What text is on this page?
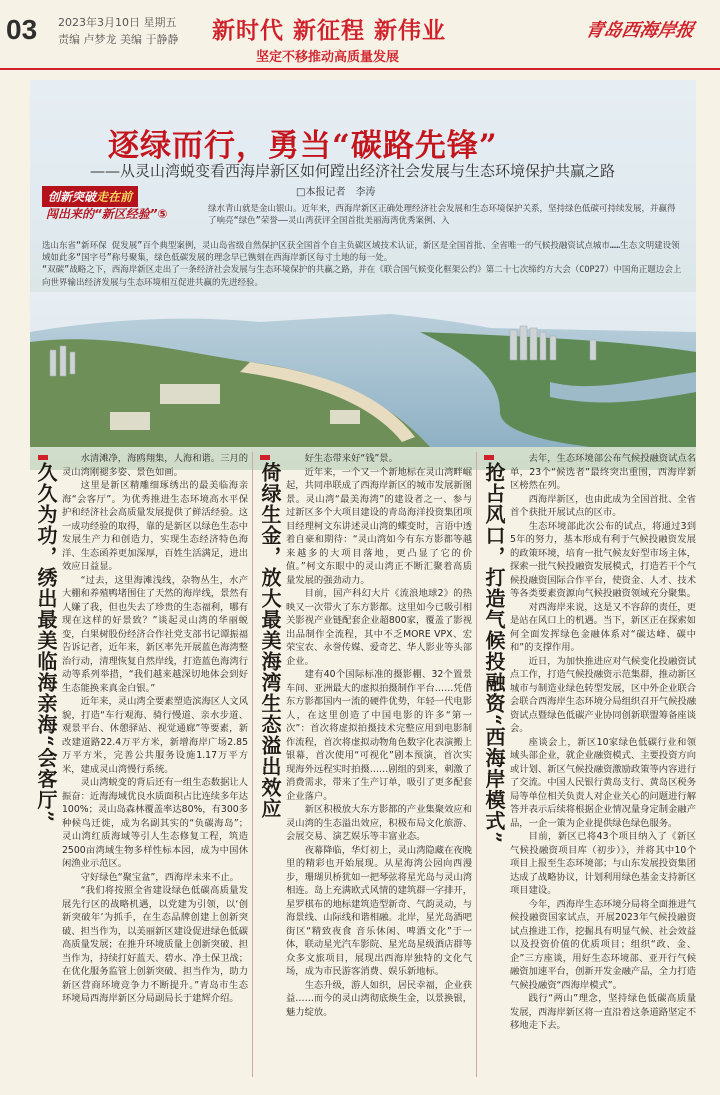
03 2023年3月10日 星期五
责编 卢梦龙 美编 于静静 新时代 新征程 新伟业
坚定不移推动高质量发展
青岛西海岸报
逐绿而行，勇当“碳路先锋”
——从灵山湾蜕变看西海岸新区如何蹚出经济社会发展与生态环境保护共赢之路
□本报记者　李涛
创新突破走在前
闯出来的“新区经验”⑤	绿水青山就是金山银山。近年来，西海岸新区正确处理经济社会发展和生态环境保护关系，坚持绿色低碳可持续发展，并赢得了响亮“绿色”荣誉——灵山湾获评全国首批美丽海湾优秀案例、入
选山东省“新环保 促发展”百个典型案例，灵山岛省级自然保护区获全国首个自主负碳区域技术认证，新区是全国首批、全省唯一的气候投融资试点城市……生态文明建设领域如此多“国字号”称号聚集，绿色低碳发展的理念早已镌刻在西海岸新区每寸土地的每一处。
“双碳”战略之下，西海岸新区走出了一条经济社会发展与生态环境保护的共赢之路，并在《联合国气候变化框架公约》第二十七次缔约方大会（COP27）中国角正题边会上向世界输出经济发展与生态环境相互促进共赢的先进经验。
久久为功，绣出最美临海亲海“会客厅”

水清滩净，海鸥翔集，人海和谐。三月的灵山湾刚褪多姿、景色如画。

这里是新区精雕细琢绣出的最美临海亲海“会客厅”。为优秀推进生态环境高水平保护和经济社会高质量发展提供了鲜活经验。这一成功经验的取得，靠的是新区以绿色生态中发展生产力和创造力，实现生态经济特色海洋、生态函养更加深厚，百姓生活满足，进出效应日益显。

“过去，这里海滩浅线，杂物丛生，水产大棚和养殖鸭堵围住了天然的海岸线，景然有人嫌了我，但也失去了珍贵的生态福利，哪有现在这样的好景致？”谈起灵山湾的华丽蜕变，白果树股份经济合作社党支部书记谭振福告诉记者，近年来，新区率先开展蓝色海湾整治行动，清理恢复自然岸线，打造蓝色海湾行动等系列举措，“我们越来越深切地体会到好生态能换来真金白银。”

近年来，灵山湾全要素塑造滨海区人文风貌，打造“车行观海、骑行慢道、亲水步道、观景平台、休憩驿站、视觉通廊”等要素，新改建道路22.4万平方米，新增海岸广场2.85万平方米，完善公共服务设施1.17万平方米，建成灵山湾慢行系统。

灵山湾蜕变的背后还有一组生态数据让人振奋：近海海域优良水质面积占比连续多年达100%；灵山岛森林覆盖率达80%，有300多种候鸟迁徙，成为名副其实的“负碳海岛”；灵山湾红质海域等引人生态修复工程，筑造2500亩湾域生物多样性标本园，成为中国休闲渔业示范区。

守好绿色“聚宝盆”，西海岸未来不止。

“我们将按照全省建设绿色低碳高质量发展先行区的战略机遇，以党建为引领，以‘创新突破年’为抓手，在生态品牌创建上创新突破、担当作为，以美丽新区建设促进绿色低碳高质量发展；在推升环境质量上创新突破、担当作为，持续打好蓝天、碧水、净土保卫战；在优化服务监管上创新突破、担当作为，助力新区营商环境竞争力不断提升。”青岛市生态环境局西海岸新区分局副局长于建辉介绍。

倚绿生金，放大最美海湾生态溢出效应

好生态带来好“钱”景。

近年来，一个又一个新地标在灵山湾畔崛起，共同串联成了西海岸新区的城市发展新图景。灵山湾“最美海湾”的建设者之一、参与过新区多个大项目建设的青岛海洋投资集团项目经理柯文东讲述灵山湾的蝶变时，言语中透着自豪和期待：“灵山湾如今有东方影都等越来越多的大项目落地，更凸显了它的价值。”柯文东眼中的灵山湾正不断汇聚着高质量发展的强劲动力。

目前，国产科幻大片《流浪地球2》的热映又一次带火了东方影都。这里如今已吸引相关影视产业链配套企业超800家，覆盖了影视出品制作全流程，其中不乏MORE VPX、宏荣宝农、永誉传媒、爱奇艺、华人影业等头部企业。

建有40个国际标准的摄影棚、32个置景车间、亚洲最大的虚拟拍摄制作平台……凭借东方影都国内一流的硬件优势，年轻一代电影人，在这里创造了中国电影的许多“第一次”：首次将虚拟拍摄技术完整应用到电影制作流程，首次将虚拟动物角色数字化表演搬上银幕，首次使用“可视化”剧本预演，首次实现海外远程实时拍摄……剧组的到来，刺激了消费需求，带来了生产订单，吸引了更多配套企业落户。

新区积极放大东方影都的产业集聚效应和灵山湾的生态溢出效应，积极布局文化旅游、会展交易、演艺娱乐等丰富业态。

夜幕降临，华灯初上，灵山湾隐藏在夜晚里的精彩也开始展现。从星海湾公园向西漫步，珊瑚贝桥犹如一把琴弦将星光岛与灵山湾相连。岛上充满欧式风情的建筑群一字排开，星罗棋布的地标建筑造型新奇、气韵灵动，与海景线、山际线和谐相融。北岸，星光岛酒吧街区“精致夜食 音乐休闲、啤酒文化”于一体，联动星光汽车影院、星光岛星级酒店群等众多文旅项目，展现出西海岸独特的文化气场，成为市民游客消费、娱乐新地标。

生态升级，游人如织，居民幸福，企业获益……而今的灵山湾彻底焕生金，以景换银，魅力绽放。

抢占风口，打造气候投融资“西海岸模式”

去年，生态环境部公布气候投融资试点名单，23个“候选者”最终突出重围，西海岸新区榜然在列。

西海岸新区，也由此成为全国首批、全省首个获批开展试点的区市。

生态环境部此次公布的试点，将通过3到5年的努力，基本形成有利于气候投融资发展的政策环境，培育一批气候友好型市场主体，探索一批气候投融资发展模式，打造若干个气候投融资国际合作平台，使资金、人才、技术等各类要素资源向气候投融资领域充分聚集。

对西海岸来说，这是又不容辞的责任，更是站在风口上的机遇。当下，新区正在探索如何全面发挥绿色金融体系对“碳达峰、碳中和”的支撑作用。

近日，为加快推进应对气候变化投融资试点工作，打造气候投融资示范集群，推动新区城市与制造业绿色转型发展，区中外企业联合会联合西海岸生态环境分局组织召开气候投融资试点暨绿色低碳产业协同创新联盟筹备座谈会。

座谈会上，新区10家绿色低碳行业和领域头部企业，就企业融资模式、主要投资方向或计划、新区气候投融资激励政策等内容进行了交流。中国人民银行黄岛支行、黄岛区税务局等单位相关负责人对企业关心的问题进行解答并表示后续将根据企业情况量身定制金融产品，一企一策为企业提供绿色绿色服务。

目前，新区已将43个项目纳入了《新区气候投融资项目库（初步）》，并将其中10个项目上报至生态环境部；与山东发展投资集团达成了战略协议，计划利用绿色基金支持新区项目建设。

今年，西海岸生态环境分局将全面推进气候投融资国家试点，开展2023年气候投融资试点推进工作，挖掘具有明显气候、社会效益以及投资价值的优质项目；组织“政、金、企”三方座谈，用好生态环境部、亚开行气候融资加速平台，创新开发金融产品，全力打造气候投融资“西海岸模式”。

践行“两山”理念，坚持绿色低碳高质量发展，西海岸新区将一直沿着这条道路坚定不移地走下去。
